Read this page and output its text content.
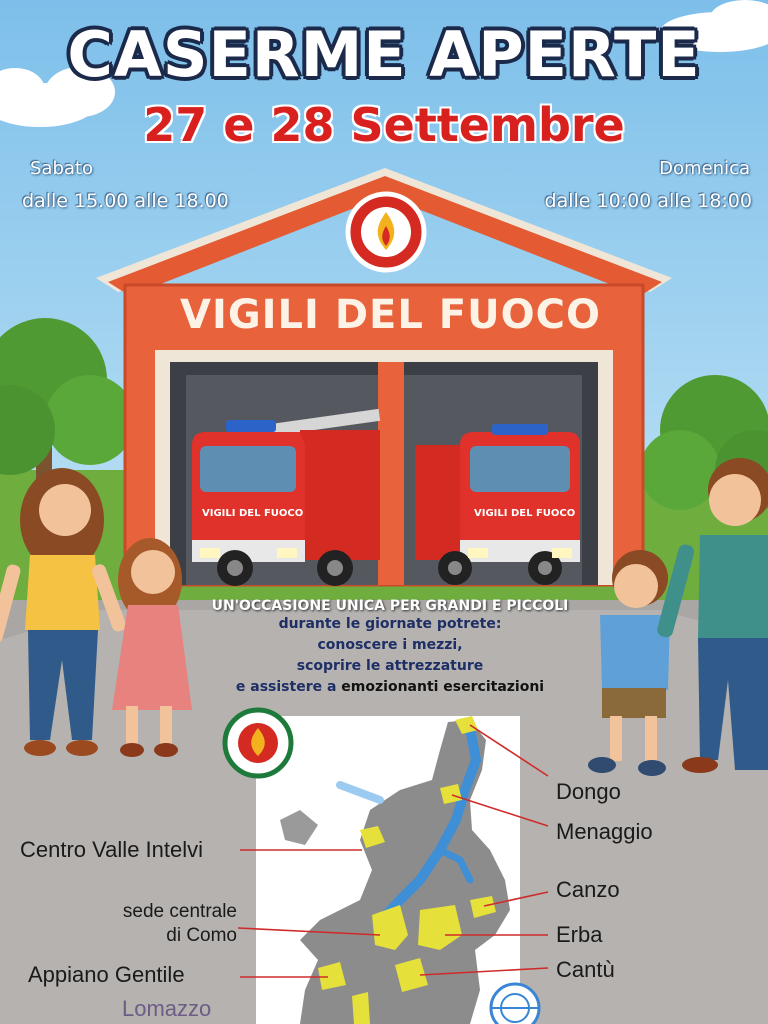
CASERME APERTE
27 e 28 Settembre
Sabato
dalle 15.00 alle 18.00
Domenica
dalle 10:00 alle 18:00
VIGILI DEL FUOCO
VIGILI DEL FUOCO	VIGILI DEL FUOCO
UN'OCCASIONE UNICA PER GRANDI E PICCOLI
durante le giornate potrete:
conoscere i mezzi,
scoprire le attrezzature
e assistere a emozionanti esercitazioni
Dongo
Menaggio
Centro Valle Intelvi
Canzo
sede centrale
di Como	Erba
Appiano Gentile	Cantù
Lomazzo
